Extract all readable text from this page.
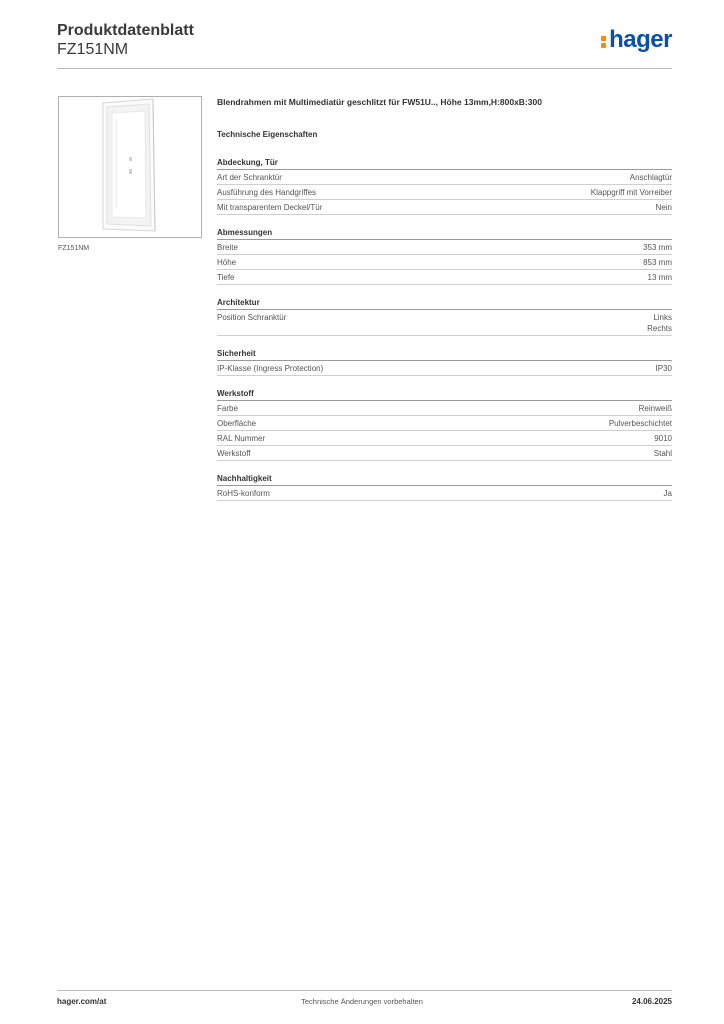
Produktdatenblatt
FZ151NM	hager
FZ151NM
Blendrahmen mit Multimediatür geschlitzt für FW51U.., Höhe 13mm,H:800xB:300
Technische Eigenschaften
Abdeckung, Tür
Art der Schranktür	Anschlagtür
Ausführung des Handgriffes	Klappgriff mit Vorreiber
Mit transparentem Deckel/Tür	Nein
Abmessungen
Breite	353 mm
Höhe	853 mm
Tiefe	13 mm
Architektur
Position Schranktür	Links
Rechts
Sicherheit
IP-Klasse (Ingress Protection)	IP30
Werkstoff
Farbe	Reinweiß
Oberfläche	Pulverbeschichtet
RAL Nummer	9010
Werkstoff	Stahl
Nachhaltigkeit
RoHS-konform	Ja
hager.com/at	Technische Änderungen vorbehalten	24.06.2025
